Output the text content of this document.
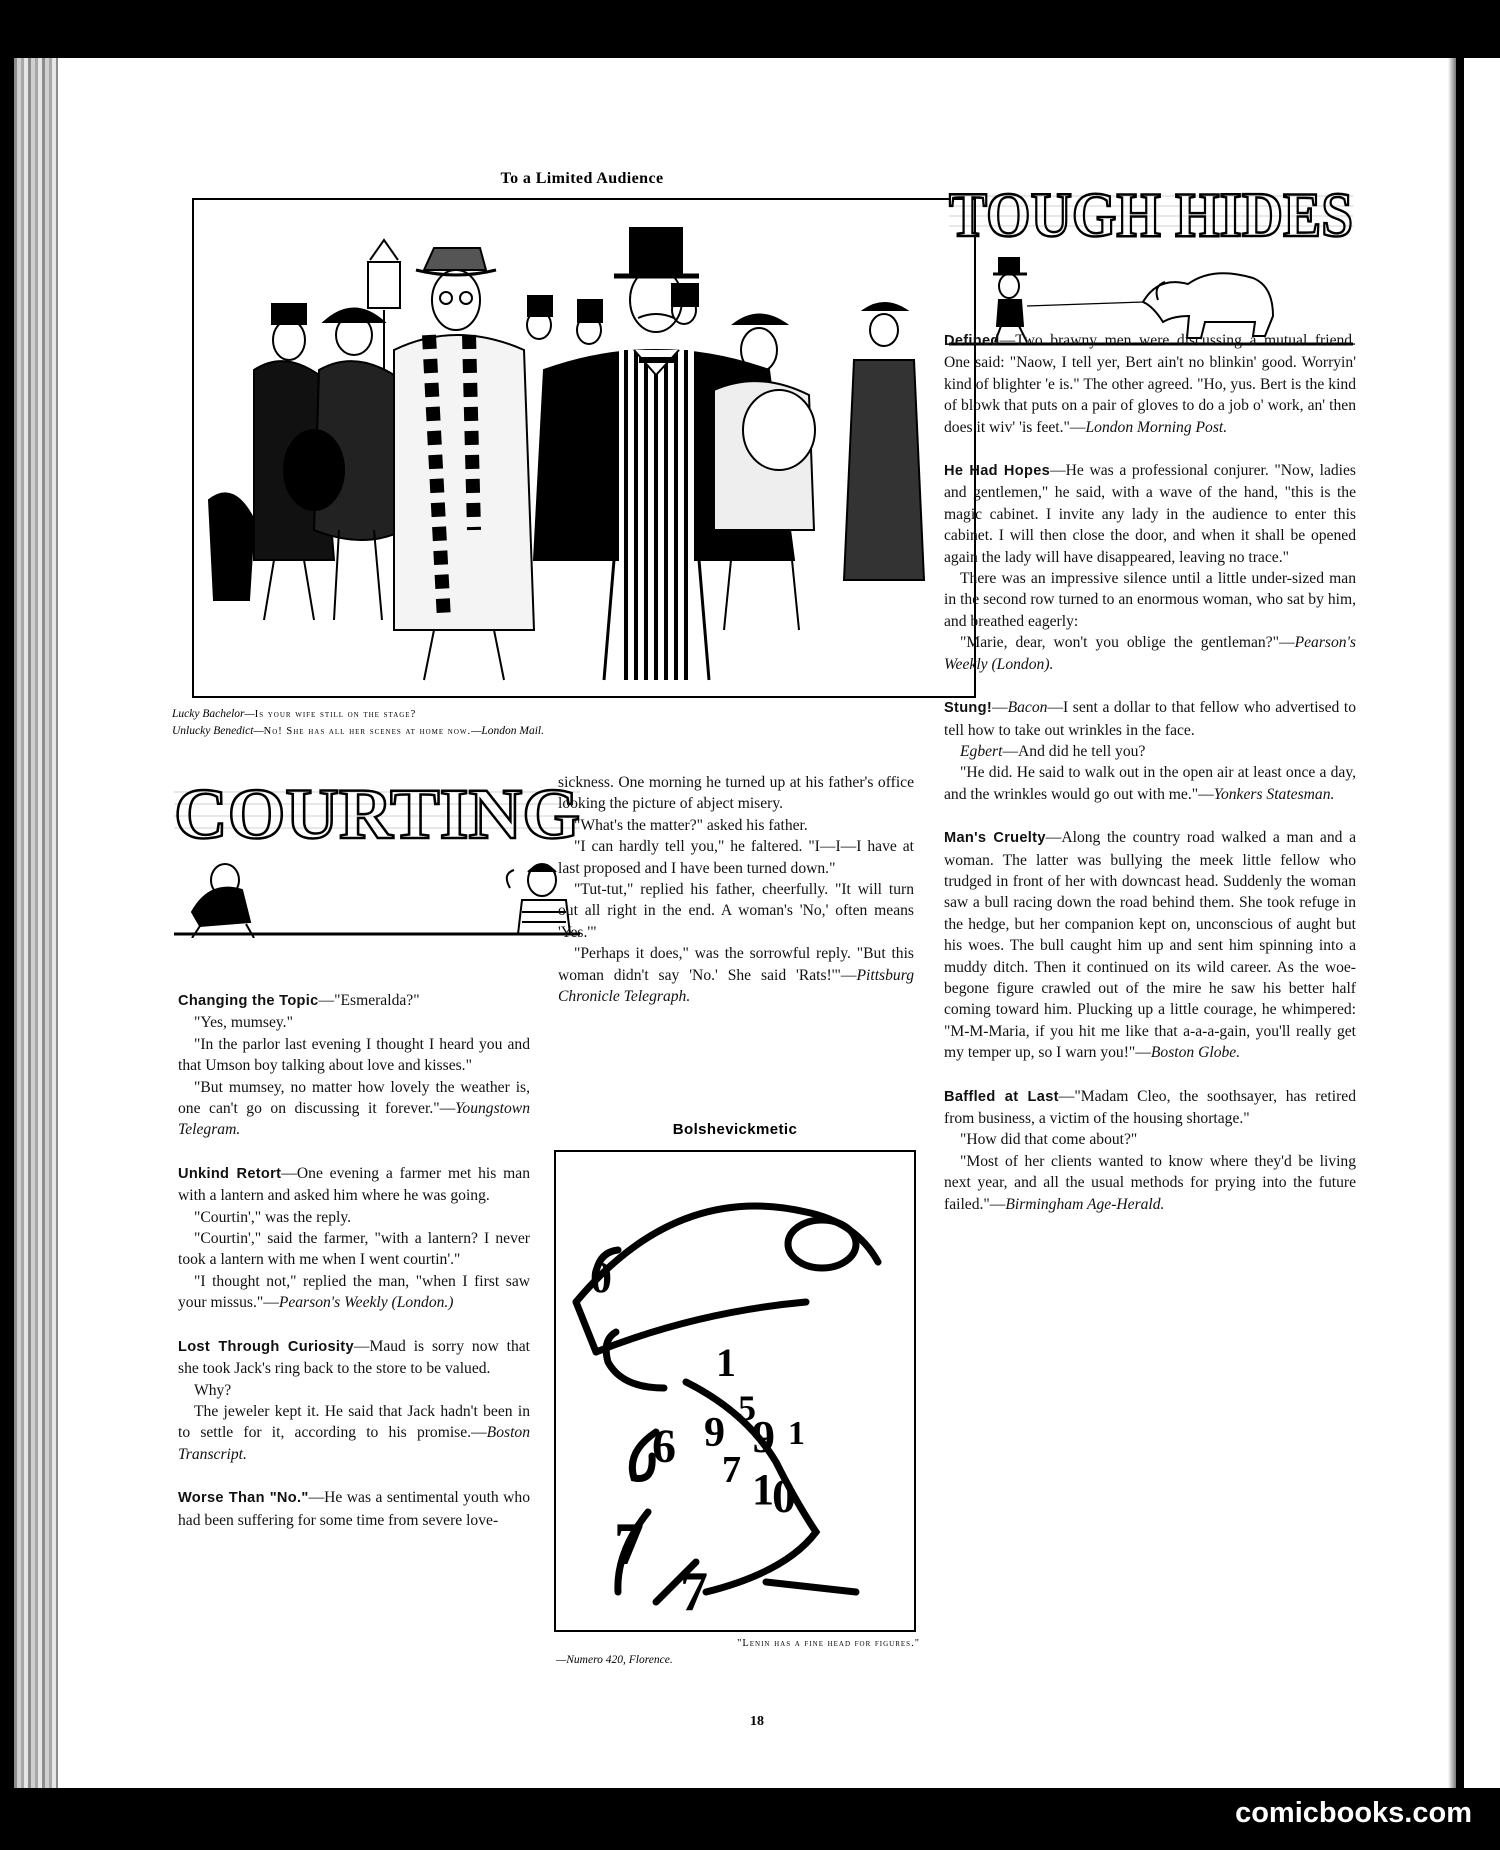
To a Limited Audience
Lucky Bachelor—Is your wife still on the stage?
Unlucky Benedict—No! She has all her scenes at home now.—London Mail.
TOUGH HIDES
COURTING

Changing the Topic—"Esmeralda?"

"Yes, mumsey."

"In the parlor last evening I thought I heard you and that Umson boy talking about love and kisses."

"But mumsey, no matter how lovely the weather is, one can't go on discussing it forever."—Youngstown Telegram.

Unkind Retort—One evening a farmer met his man with a lantern and asked him where he was going.

"Courtin'," was the reply.

"Courtin'," said the farmer, "with a lantern? I never took a lantern with me when I went courtin'."

"I thought not," replied the man, "when I first saw your missus."—Pearson's Weekly (London.)

Lost Through Curiosity—Maud is sorry now that she took Jack's ring back to the store to be valued.

Why?

The jeweler kept it. He said that Jack hadn't been in to settle for it, according to his promise.—Boston Transcript.

Worse Than "No."—He was a sentimental youth who had been suffering for some time from severe love-

sickness. One morning he turned up at his father's office looking the picture of abject misery.

"What's the matter?" asked his father.

"I can hardly tell you," he faltered. "I—I—I have at last proposed and I have been turned down."

"Tut-tut," replied his father, cheerfully. "It will turn out all right in the end. A woman's 'No,' often means 'Yes.'"

"Perhaps it does," was the sorrowful reply. "But this woman didn't say 'No.' She said 'Rats!'"—Pittsburg Chronicle Telegraph.

Bolshevickmetic
1
5
9 9 1
7 1
0
7
7
6
0
"Lenin has a fine head for figures."
—Numero 420, Florence.

Defined—Two brawny men were discussing a mutual friend. One said: "Naow, I tell yer, Bert ain't no blinkin' good. Worryin' kind of blighter 'e is." The other agreed. "Ho, yus. Bert is the kind of blowk that puts on a pair of gloves to do a job o' work, an' then does it wiv' 'is feet."—London Morning Post.

He Had Hopes—He was a professional conjurer. "Now, ladies and gentlemen," he said, with a wave of the hand, "this is the magic cabinet. I invite any lady in the audience to enter this cabinet. I will then close the door, and when it shall be opened again the lady will have disappeared, leaving no trace."

There was an impressive silence until a little under-sized man in the second row turned to an enormous woman, who sat by him, and breathed eagerly:

"Marie, dear, won't you oblige the gentleman?"—Pearson's Weekly (London).

Stung!—Bacon—I sent a dollar to that fellow who advertised to tell how to take out wrinkles in the face.

Egbert—And did he tell you?

"He did. He said to walk out in the open air at least once a day, and the wrinkles would go out with me."—Yonkers Statesman.

Man's Cruelty—Along the country road walked a man and a woman. The latter was bullying the meek little fellow who trudged in front of her with downcast head. Suddenly the woman saw a bull racing down the road behind them. She took refuge in the hedge, but her companion kept on, unconscious of aught but his woes. The bull caught him up and sent him spinning into a muddy ditch. Then it continued on its wild career. As the woe-begone figure crawled out of the mire he saw his better half coming toward him. Plucking up a little courage, he whimpered: "M-M-Maria, if you hit me like that a-a-a-gain, you'll really get my temper up, so I warn you!"—Boston Globe.

Baffled at Last—"Madam Cleo, the soothsayer, has retired from business, a victim of the housing shortage."

"How did that come about?"

"Most of her clients wanted to know where they'd be living next year, and all the usual methods for prying into the future failed."—Birmingham Age-Herald.

18
comicbooks.com
